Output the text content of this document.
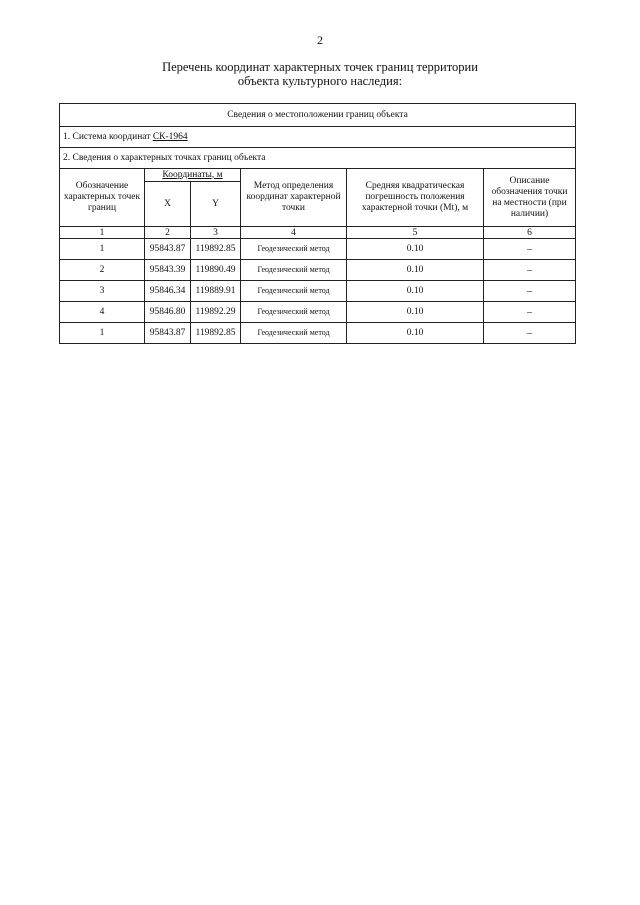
2
Перечень координат характерных точек границ территории
объекта культурного наследия:
Сведения о местоположении границ объекта					
1. Система координат СК-1964					
2. Сведения о характерных точках границ объекта					
Обозначение характерных точек границ	Координаты, м		Метод определения координат характерной точки	Средняя квадратическая погрешность положения характерной точки (Mt), м	Описание обозначения точки на местности (при наличии)
	X	Y			
1	2	3	4	5	6
1	95843.87	119892.85	Геодезический метод	0.10	–
2	95843.39	119890.49	Геодезический метод	0.10	–
3	95846.34	119889.91	Геодезический метод	0.10	–
4	95846.80	119892.29	Геодезический метод	0.10	–
1	95843.87	119892.85	Геодезический метод	0.10	–
